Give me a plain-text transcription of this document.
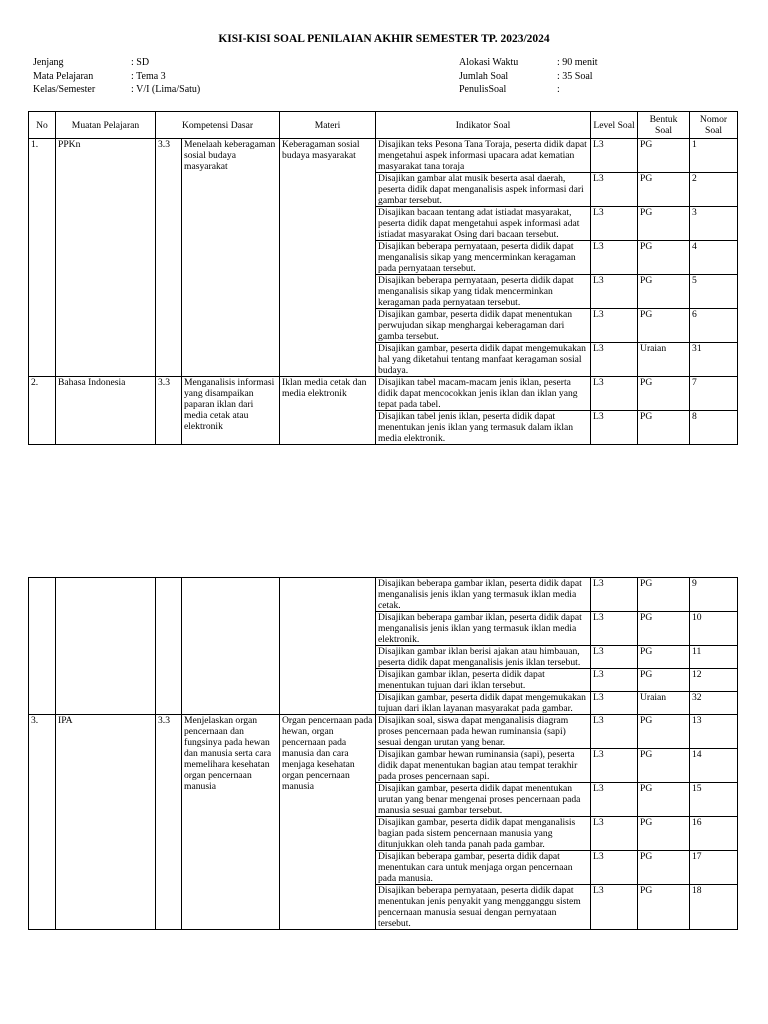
KISI-KISI SOAL PENILAIAN AKHIR SEMESTER TP. 2023/2024
Jenjang	: SD
Mata Pelajaran	: Tema 3
Kelas/Semester	: V/I (Lima/Satu)
Alokasi Waktu	: 90 menit
Jumlah Soal	: 35 Soal
PenulisSoal	:
No	Muatan Pelajaran	Kompetensi Dasar		Materi	Indikator Soal	Level Soal	Bentuk Soal	Nomor Soal
1.	PPKn	3.3	Menelaah keberagaman sosial budaya masyarakat	Keberagaman sosial budaya masyarakat	Disajikan teks Pesona Tana Toraja, peserta didik dapat mengetahui aspek informasi upacara adat kematian masyarakat tana toraja	L3	PG	1
					Disajikan gambar alat musik beserta asal daerah, peserta didik dapat menganalisis aspek informasi dari gambar tersebut.	L3	PG	2
					Disajikan bacaan tentang adat istiadat masyarakat, peserta didik dapat mengetahui aspek informasi adat istiadat masyarakat Osing dari bacaan tersebut.	L3	PG	3
					Disajikan beberapa pernyataan, peserta didik dapat menganalisis sikap yang mencerminkan keragaman pada pernyataan tersebut.	L3	PG	4
					Disajikan beberapa pernyataan, peserta didik dapat menganalisis sikap yang tidak mencerminkan keragaman pada pernyataan tersebut.	L3	PG	5
					Disajikan gambar, peserta didik dapat menentukan perwujudan sikap menghargai keberagaman dari gamba tersebut.	L3	PG	6
					Disajikan gambar, peserta didik dapat mengemukakan hal yang diketahui tentang manfaat keragaman sosial budaya.	L3	Uraian	31
2.	Bahasa Indonesia	3.3	Menganalisis informasi yang disampaikan paparan iklan dari media cetak atau elektronik	Iklan media cetak dan media elektronik	Disajikan tabel macam-macam jenis iklan, peserta didik dapat mencocokkan jenis iklan dan iklan yang tepat pada tabel.	L3	PG	7
					Disajikan tabel jenis iklan, peserta didik dapat menentukan jenis iklan yang termasuk dalam iklan media elektronik.	L3	PG	8
					Disajikan beberapa gambar iklan, peserta didik dapat menganalisis jenis iklan yang termasuk iklan media cetak.	L3	PG	9
					Disajikan beberapa gambar iklan, peserta didik dapat menganalisis jenis iklan yang termasuk iklan media elektronik.	L3	PG	10
					Disajikan gambar iklan berisi ajakan atau himbauan, peserta didik dapat menganalisis jenis iklan tersebut.	L3	PG	11
					Disajikan gambar iklan, peserta didik dapat menentukan tujuan dari iklan tersebut.	L3	PG	12
					Disajikan gambar, peserta didik dapat mengemukakan tujuan dari iklan layanan masyarakat pada gambar.	L3	Uraian	32
3.	IPA	3.3	Menjelaskan organ pencernaan dan fungsinya pada hewan dan manusia serta cara memelihara kesehatan organ pencernaan manusia	Organ pencernaan pada hewan, organ pencernaan pada manusia dan cara menjaga kesehatan organ pencernaan manusia	Disajikan soal, siswa dapat menganalisis diagram proses pencernaan pada hewan ruminansia (sapi) sesuai dengan urutan yang benar.	L3	PG	13
					Disajikan gambar hewan ruminansia (sapi), peserta didik dapat menentukan bagian atau tempat terakhir pada proses pencernaan sapi.	L3	PG	14
					Disajikan gambar, peserta didik dapat menentukan urutan yang benar mengenai proses pencernaan pada manusia sesuai gambar tersebut.	L3	PG	15
					Disajikan gambar, peserta didik dapat menganalisis bagian pada sistem pencernaan manusia yang ditunjukkan oleh tanda panah pada gambar.	L3	PG	16
					Disajikan beberapa gambar, peserta didik dapat menentukan cara untuk menjaga organ pencernaan pada manusia.	L3	PG	17
					Disajikan beberapa pernyataan, peserta didik dapat menentukan jenis penyakit yang mengganggu sistem pencernaan manusia sesuai dengan pernyataan tersebut.	L3	PG	18
